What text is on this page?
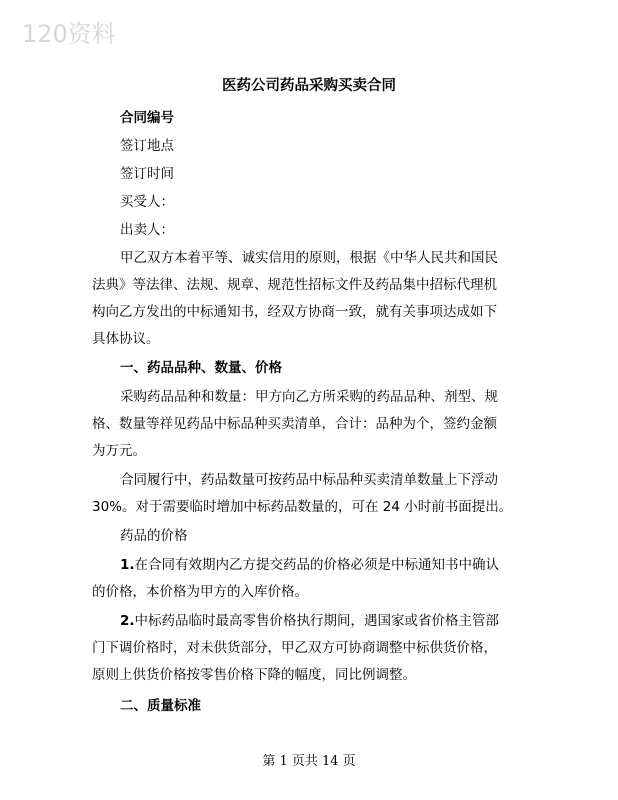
120资料
医药公司药品采购买卖合同
合同编号
签订地点
签订时间
买受人：
出卖人：
甲乙双方本着平等、诚实信用的原则，根据《中华人民共和国民
法典》等法律、法规、规章、规范性招标文件及药品集中招标代理机
构向乙方发出的中标通知书，经双方协商一致，就有关事项达成如下
具体协议。
一、药品品种、数量、价格
采购药品品种和数量：甲方向乙方所采购的药品品种、剂型、规
格、数量等祥见药品中标品种买卖清单，合计：品种为个，签约金额
为万元。
合同履行中，药品数量可按药品中标品种买卖清单数量上下浮动
30%。对于需要临时增加中标药品数量的，可在 24 小时前书面提出。
药品的价格
1.在合同有效期内乙方提交药品的价格必须是中标通知书中确认
的价格，本价格为甲方的入库价格。
2.中标药品临时最高零售价格执行期间，遇国家或省价格主管部
门下调价格时，对未供货部分，甲乙双方可协商调整中标供货价格，
原则上供货价格按零售价格下降的幅度，同比例调整。
二、质量标准
第 1 页共 14 页
